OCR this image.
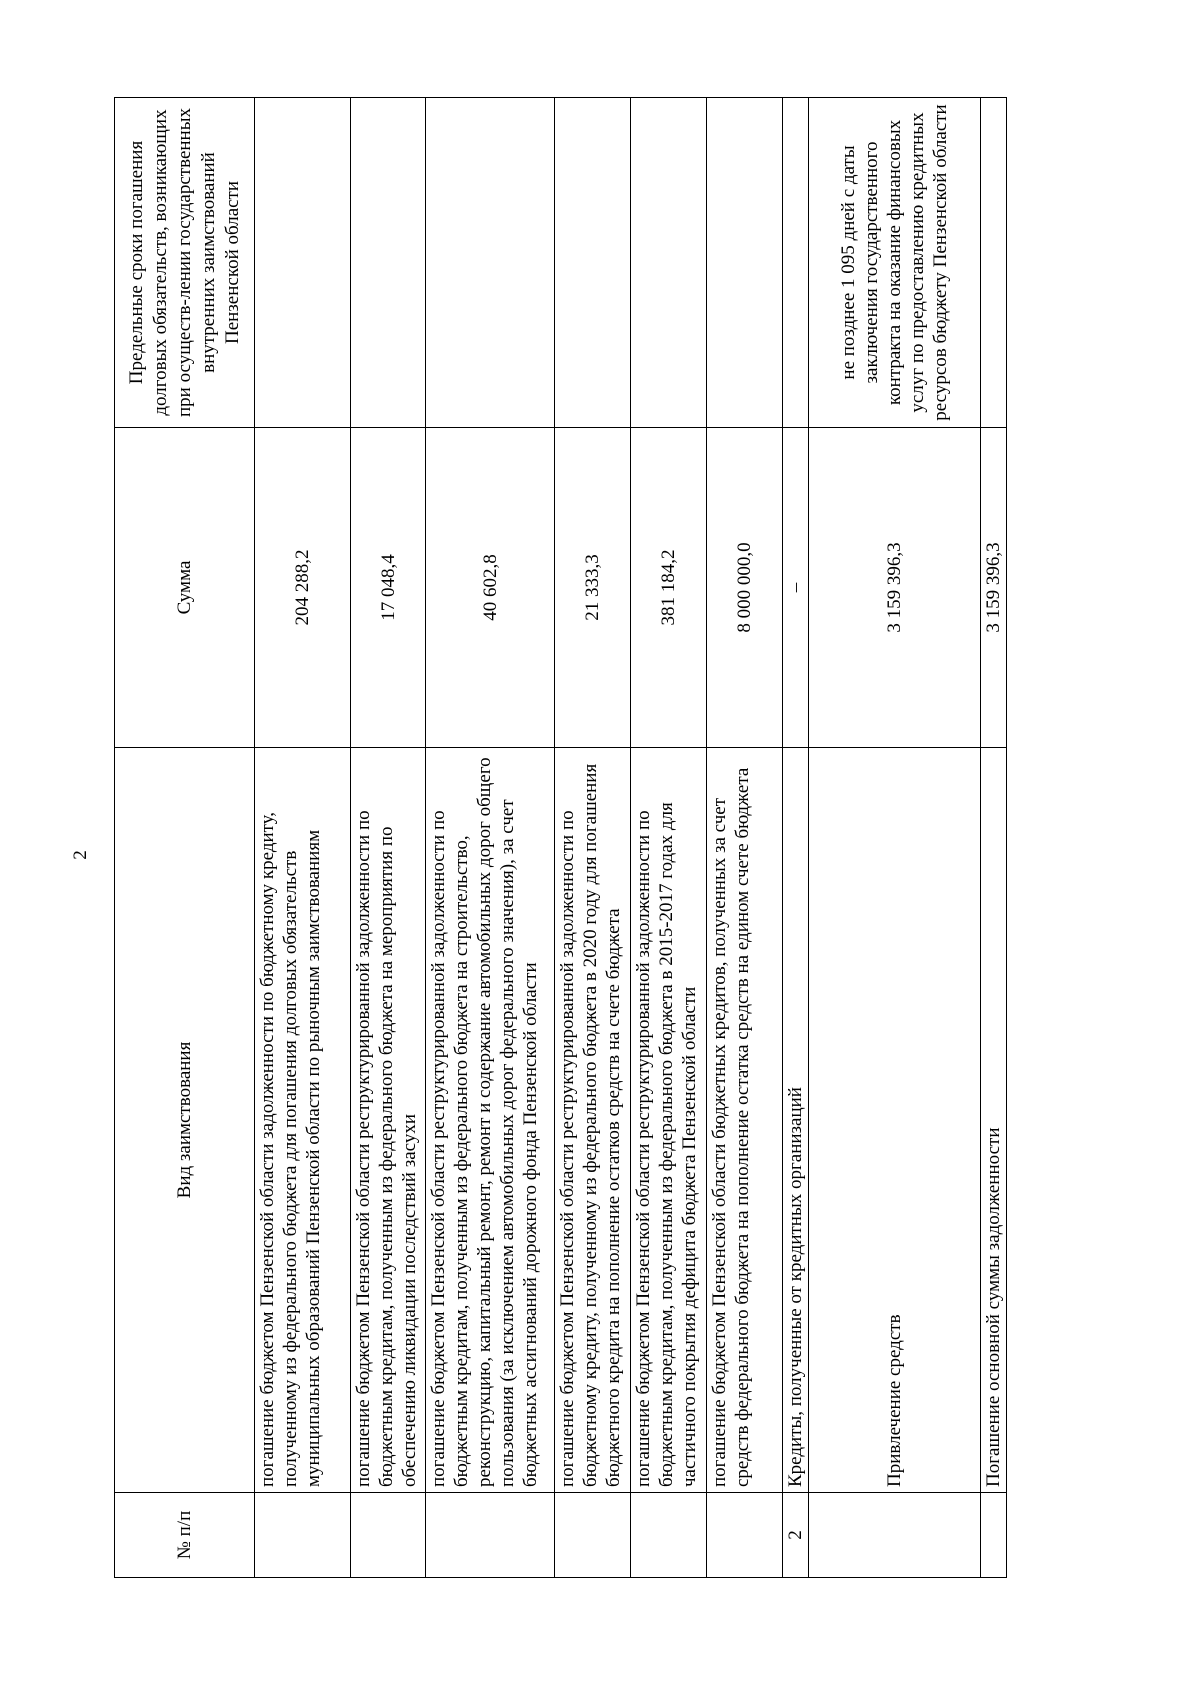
2
№ п/п	Вид заимствования	Сумма	Предельные сроки погашения долговых обязательств, возникающих при осуществ-лении государственных внутренних заимствований Пензенской области
	погашение бюджетом Пензенской области задолженности по бюджетному кредиту, полученному из федерального бюджета для погашения долговых обязательств муниципальных образований Пензенской области по рыночным заимствованиям	204 288,2	
	погашение бюджетом Пензенской области реструктурированной задолженности по бюджетным кредитам, полученным из федерального бюджета на мероприятия по обеспечению ликвидации последствий засухи	17 048,4	
	погашение бюджетом Пензенской области реструктурированной задолженности по бюджетным кредитам, полученным из федерального бюджета на строительство, реконструкцию, капитальный ремонт, ремонт и содержание автомобильных дорог общего пользования (за исключением автомобильных дорог федерального значения), за счет бюджетных ассигнований дорожного фонда Пензенской области	40 602,8	
	погашение бюджетом Пензенской области реструктурированной задолженности по бюджетному кредиту, полученному из федерального бюджета в 2020 году для погашения бюджетного кредита на пополнение остатков средств на счете бюджета	21 333,3	
	погашение бюджетом Пензенской области реструктурированной задолженности по бюджетным кредитам, полученным из федерального бюджета в 2015-2017 годах для частичного покрытия дефицита бюджета Пензенской области	381 184,2	
	погашение бюджетом Пензенской области бюджетных кредитов, полученных за счет средств федерального бюджета на пополнение остатка средств на едином счете бюджета	8 000 000,0	
2	Кредиты, полученные от кредитных организаций	–	
	Привлечение средств	3 159 396,3	не позднее 1 095 дней с даты заключения государственного контракта на оказание финансовых услуг по предоставлению кредитных ресурсов бюджету Пензенской области
	Погашение основной суммы задолженности	3 159 396,3	
